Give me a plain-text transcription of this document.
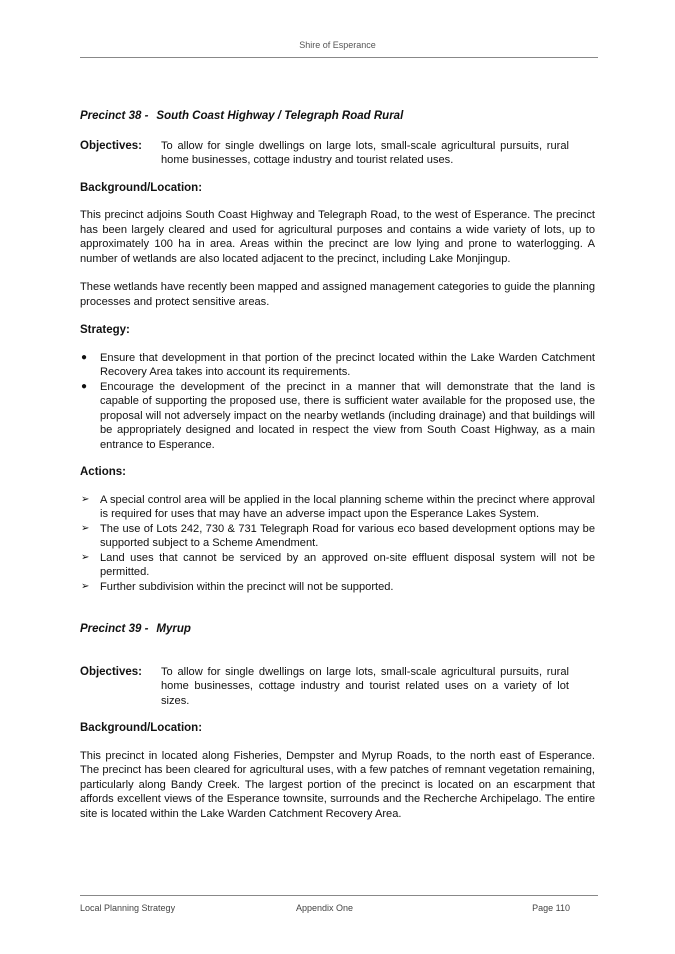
Shire of Esperance

Precinct 38 - South Coast Highway / Telegraph Road Rural

Objectives:	To allow for single dwellings on large lots, small-scale agricultural pursuits, rural home businesses, cottage industry and tourist related uses.

Background/Location:

This precinct adjoins South Coast Highway and Telegraph Road, to the west of Esperance. The precinct has been largely cleared and used for agricultural purposes and contains a wide variety of lots, up to approximately 100 ha in area. Areas within the precinct are low lying and prone to waterlogging. A number of wetlands are also located adjacent to the precinct, including Lake Monjingup.

These wetlands have recently been mapped and assigned management categories to guide the planning processes and protect sensitive areas.

Strategy:

● Ensure that development in that portion of the precinct located within the Lake Warden Catchment Recovery Area takes into account its requirements.
● Encourage the development of the precinct in a manner that will demonstrate that the land is capable of supporting the proposed use, there is sufficient water available for the proposed use, the proposal will not adversely impact on the nearby wetlands (including drainage) and that buildings will be appropriately designed and located in respect the view from South Coast Highway, as a main entrance to Esperance.

Actions:

➢ A special control area will be applied in the local planning scheme within the precinct where approval is required for uses that may have an adverse impact upon the Esperance Lakes System.
➢ The use of Lots 242, 730 & 731 Telegraph Road for various eco based development options may be supported subject to a Scheme Amendment.
➢ Land uses that cannot be serviced by an approved on-site effluent disposal system will not be permitted.
➢ Further subdivision within the precinct will not be supported.

Precinct 39 - Myrup

Objectives:	To allow for single dwellings on large lots, small-scale agricultural pursuits, rural home businesses, cottage industry and tourist related uses on a variety of lot sizes.

Background/Location:

This precinct in located along Fisheries, Dempster and Myrup Roads, to the north east of Esperance. The precinct has been cleared for agricultural uses, with a few patches of remnant vegetation remaining, particularly along Bandy Creek. The largest portion of the precinct is located on an escarpment that affords excellent views of the Esperance townsite, surrounds and the Recherche Archipelago. The entire site is located within the Lake Warden Catchment Recovery Area.

Local Planning Strategy	Appendix One	Page 110
